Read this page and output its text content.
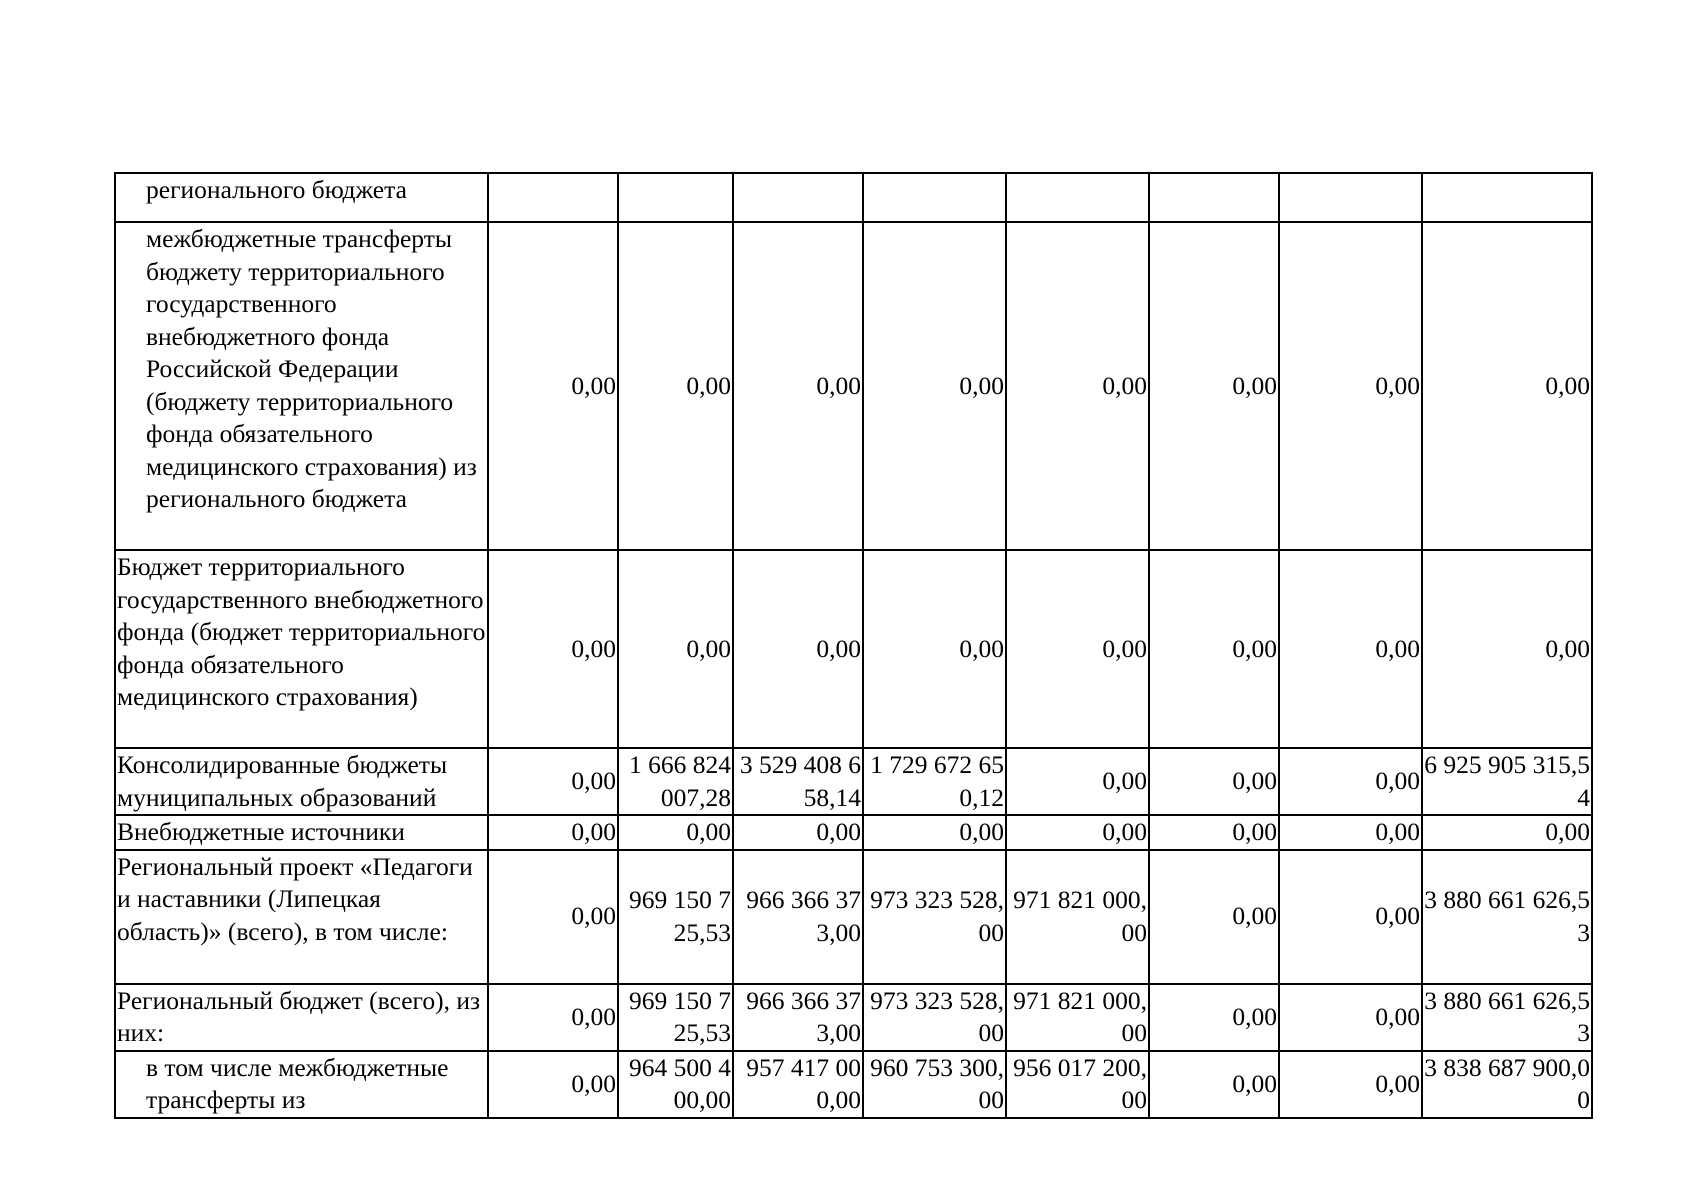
регионального бюджета								
межбюджетные трансферты бюджету территориального государственного внебюджетного фонда Российской Федерации (бюджету территориального фонда обязательного медицинского страхования) из регионального бюджета	0,00	0,00	0,00	0,00	0,00	0,00	0,00	0,00
Бюджет территориального государственного внебюджетного фонда (бюджет территориального фонда обязательного медицинского страхования)	0,00	0,00	0,00	0,00	0,00	0,00	0,00	0,00
Консолидированные бюджеты муниципальных образований	0,00	1 666 824 007,28	3 529 408 658,14	1 729 672 650,12	0,00	0,00	0,00	6 925 905 315,54
Внебюджетные источники	0,00	0,00	0,00	0,00	0,00	0,00	0,00	0,00
Региональный проект «Педагоги и наставники (Липецкая область)» (всего), в том числе:	0,00	969 150 725,53	966 366 373,00	973 323 528,00	971 821 000,00	0,00	0,00	3 880 661 626,53
Региональный бюджет (всего), из них:	0,00	969 150 725,53	966 366 373,00	973 323 528,00	971 821 000,00	0,00	0,00	3 880 661 626,53
в том числе межбюджетные трансферты из	0,00	964 500 400,00	957 417 000,00	960 753 300,00	956 017 200,00	0,00	0,00	3 838 687 900,00
